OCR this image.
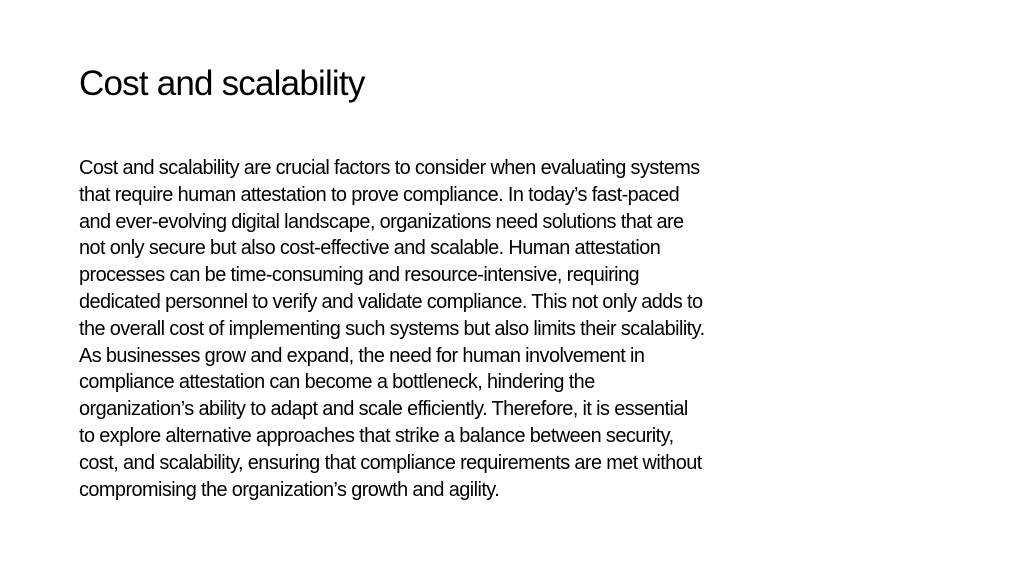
Cost and scalability

Cost and scalability are crucial factors to consider when evaluating systems
that require human attestation to prove compliance. In today’s fast-paced
and ever-evolving digital landscape, organizations need solutions that are
not only secure but also cost-effective and scalable. Human attestation
processes can be time-consuming and resource-intensive, requiring
dedicated personnel to verify and validate compliance. This not only adds to
the overall cost of implementing such systems but also limits their scalability.
As businesses grow and expand, the need for human involvement in
compliance attestation can become a bottleneck, hindering the
organization’s ability to adapt and scale efficiently. Therefore, it is essential
to explore alternative approaches that strike a balance between security,
cost, and scalability, ensuring that compliance requirements are met without
compromising the organization’s growth and agility.
